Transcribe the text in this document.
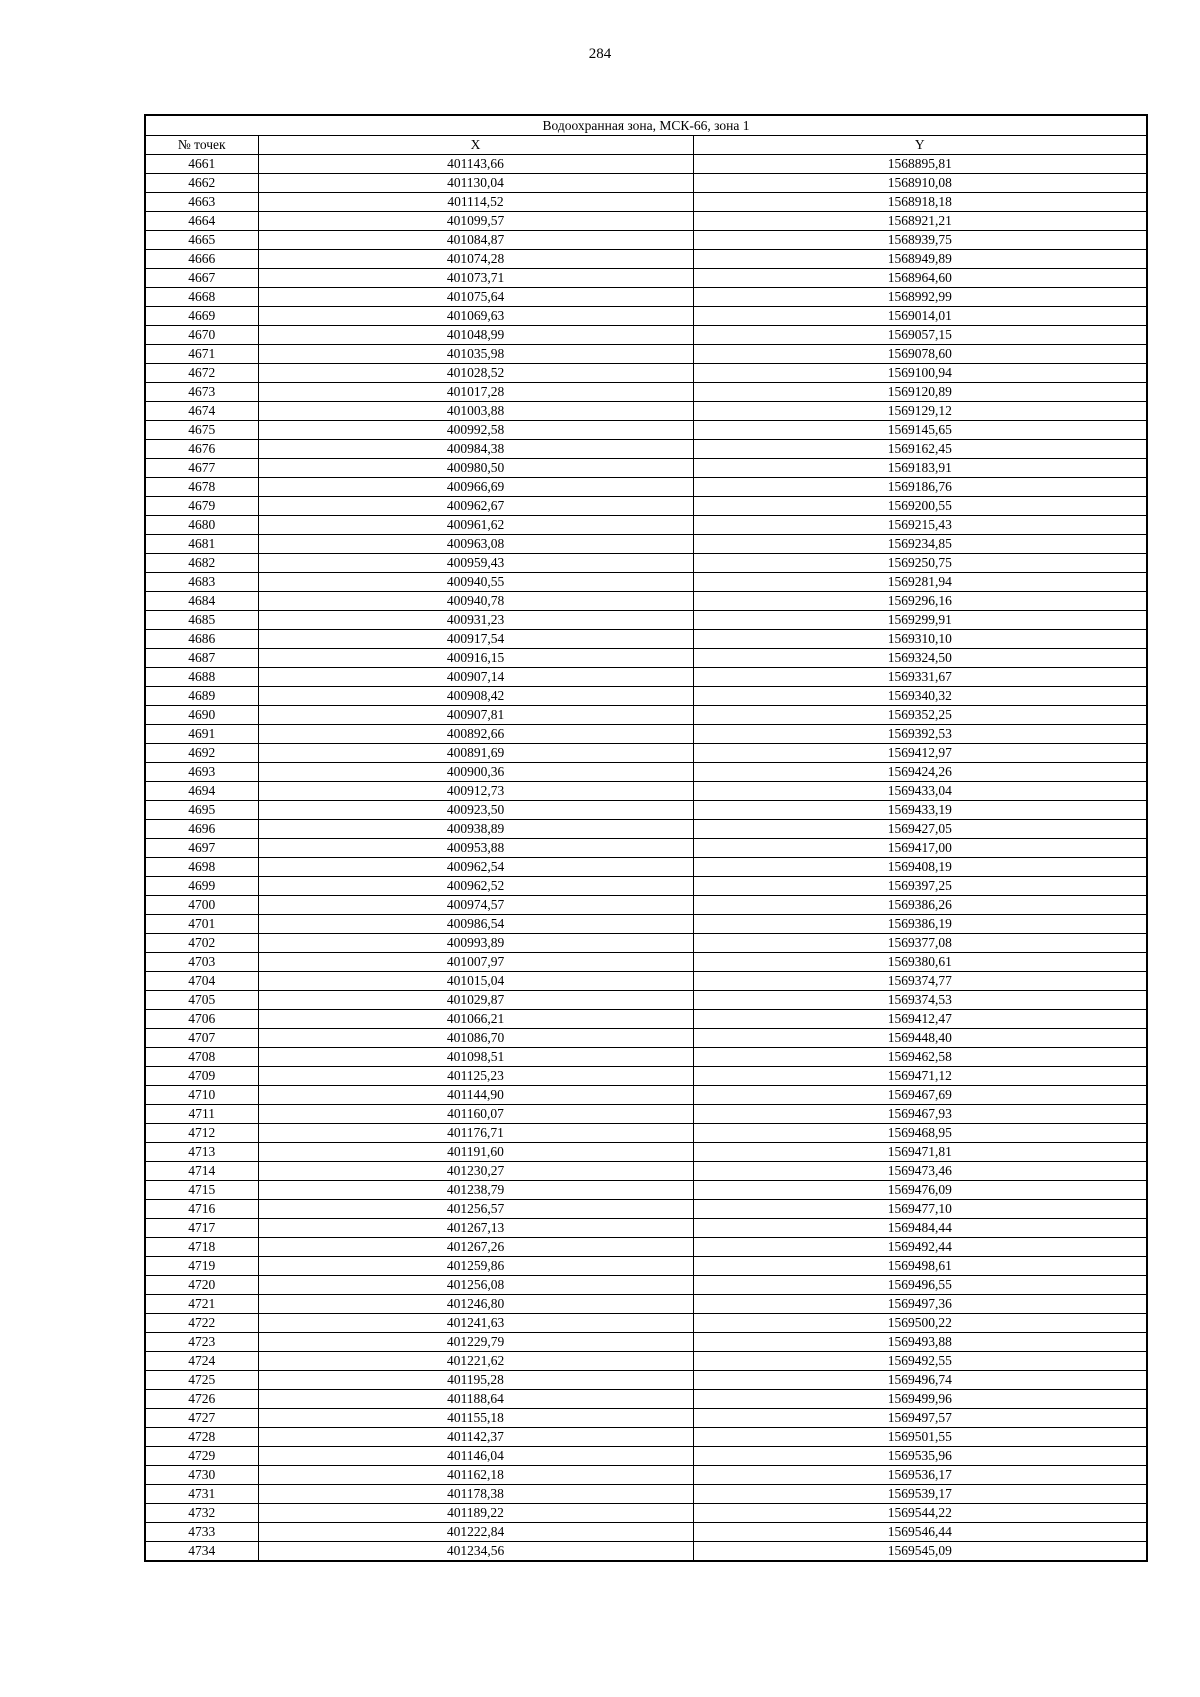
284
Водоохранная зона, МСК-66, зона 1		
№ точек	X	Y
4661	401143,66	1568895,81
4662	401130,04	1568910,08
4663	401114,52	1568918,18
4664	401099,57	1568921,21
4665	401084,87	1568939,75
4666	401074,28	1568949,89
4667	401073,71	1568964,60
4668	401075,64	1568992,99
4669	401069,63	1569014,01
4670	401048,99	1569057,15
4671	401035,98	1569078,60
4672	401028,52	1569100,94
4673	401017,28	1569120,89
4674	401003,88	1569129,12
4675	400992,58	1569145,65
4676	400984,38	1569162,45
4677	400980,50	1569183,91
4678	400966,69	1569186,76
4679	400962,67	1569200,55
4680	400961,62	1569215,43
4681	400963,08	1569234,85
4682	400959,43	1569250,75
4683	400940,55	1569281,94
4684	400940,78	1569296,16
4685	400931,23	1569299,91
4686	400917,54	1569310,10
4687	400916,15	1569324,50
4688	400907,14	1569331,67
4689	400908,42	1569340,32
4690	400907,81	1569352,25
4691	400892,66	1569392,53
4692	400891,69	1569412,97
4693	400900,36	1569424,26
4694	400912,73	1569433,04
4695	400923,50	1569433,19
4696	400938,89	1569427,05
4697	400953,88	1569417,00
4698	400962,54	1569408,19
4699	400962,52	1569397,25
4700	400974,57	1569386,26
4701	400986,54	1569386,19
4702	400993,89	1569377,08
4703	401007,97	1569380,61
4704	401015,04	1569374,77
4705	401029,87	1569374,53
4706	401066,21	1569412,47
4707	401086,70	1569448,40
4708	401098,51	1569462,58
4709	401125,23	1569471,12
4710	401144,90	1569467,69
4711	401160,07	1569467,93
4712	401176,71	1569468,95
4713	401191,60	1569471,81
4714	401230,27	1569473,46
4715	401238,79	1569476,09
4716	401256,57	1569477,10
4717	401267,13	1569484,44
4718	401267,26	1569492,44
4719	401259,86	1569498,61
4720	401256,08	1569496,55
4721	401246,80	1569497,36
4722	401241,63	1569500,22
4723	401229,79	1569493,88
4724	401221,62	1569492,55
4725	401195,28	1569496,74
4726	401188,64	1569499,96
4727	401155,18	1569497,57
4728	401142,37	1569501,55
4729	401146,04	1569535,96
4730	401162,18	1569536,17
4731	401178,38	1569539,17
4732	401189,22	1569544,22
4733	401222,84	1569546,44
4734	401234,56	1569545,09
